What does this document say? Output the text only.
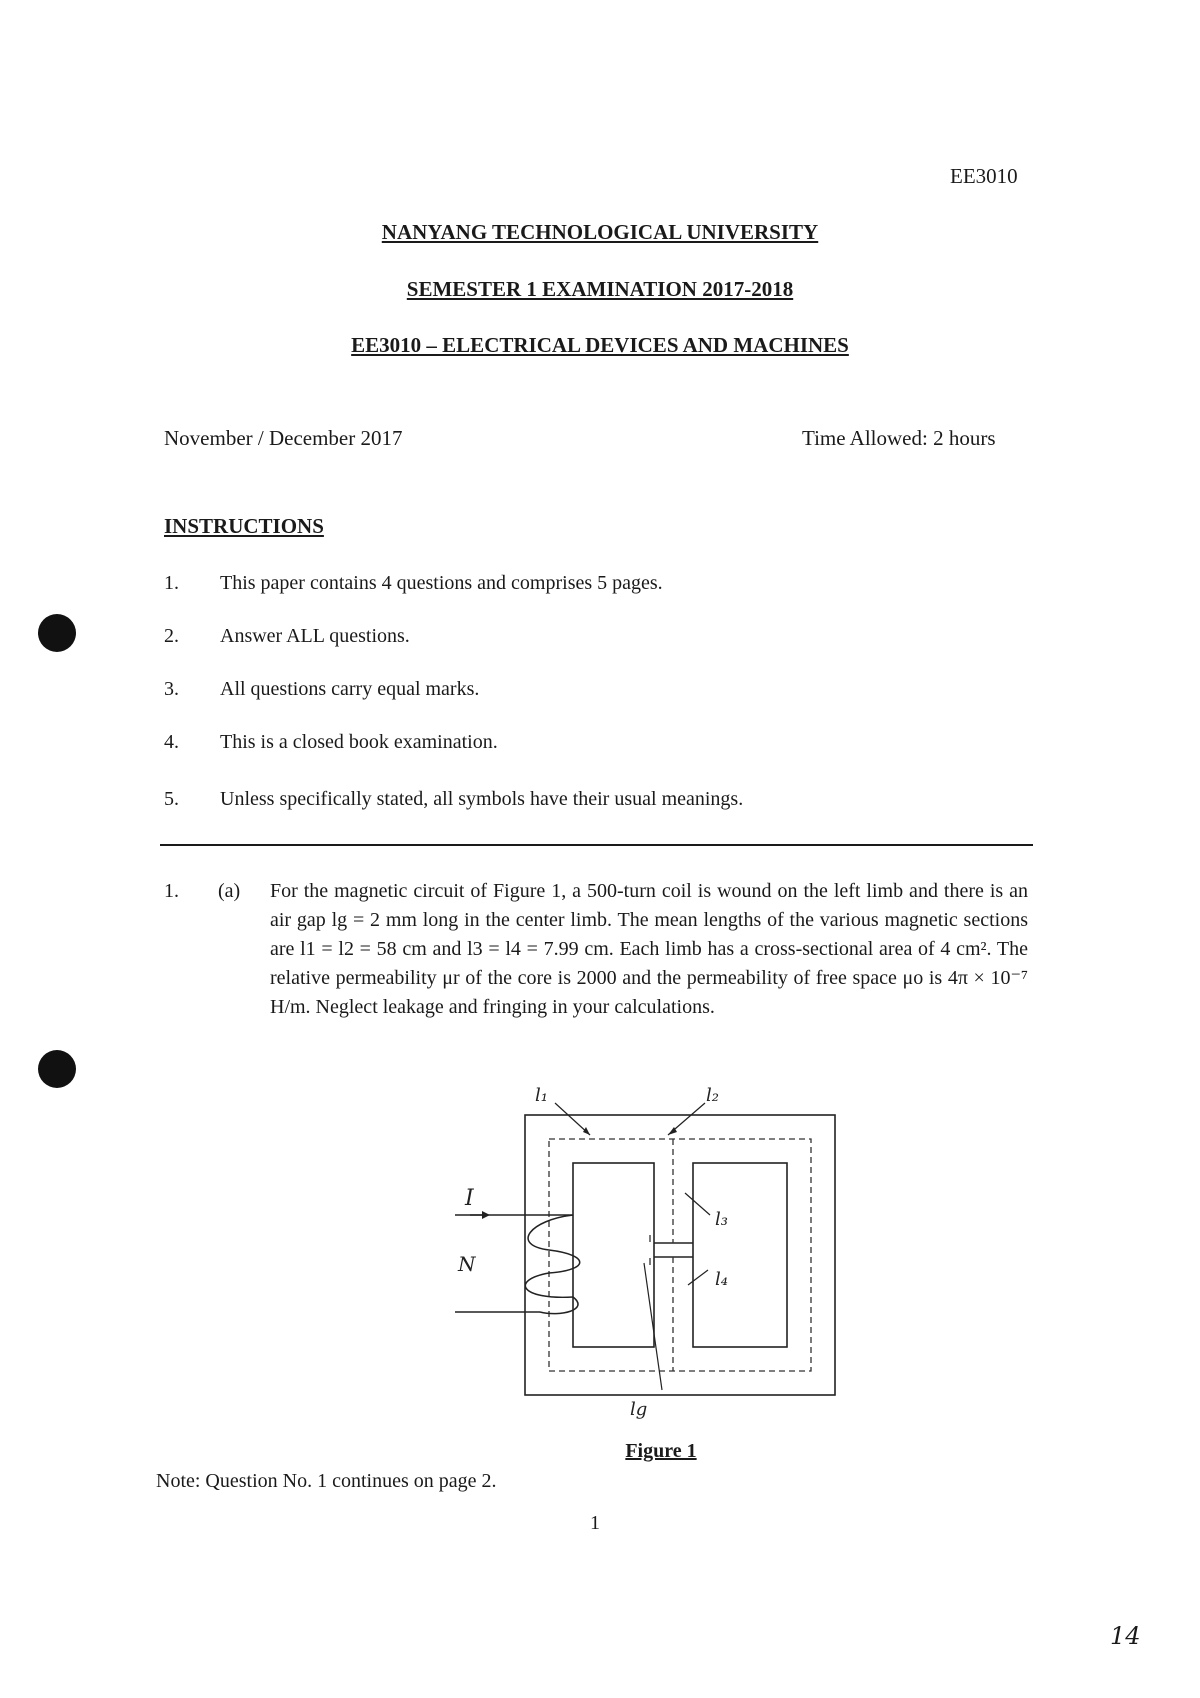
EE3010
NANYANG TECHNOLOGICAL UNIVERSITY
SEMESTER 1 EXAMINATION 2017-2018
EE3010 – ELECTRICAL DEVICES AND MACHINES
November / December 2017	Time Allowed: 2 hours
INSTRUCTIONS
1. This paper contains 4 questions and comprises 5 pages.
2. Answer ALL questions.
3. All questions carry equal marks.
4. This is a closed book examination.
5. Unless specifically stated, all symbols have their usual meanings.
1. (a) For the magnetic circuit of Figure 1, a 500-turn coil is wound on the left limb and there is an air gap lg = 2 mm long in the center limb. The mean lengths of the various magnetic sections are l1 = l2 = 58 cm and l3 = l4 = 7.99 cm. Each limb has a cross-sectional area of 4 cm². The relative permeability μr of the core is 2000 and the permeability of free space μo is 4π × 10⁻⁷ H/m. Neglect leakage and fringing in your calculations.
l₁	l₂
l₃
l₄
lg
I
N
Figure 1
Note: Question No. 1 continues on page 2.
1
14
